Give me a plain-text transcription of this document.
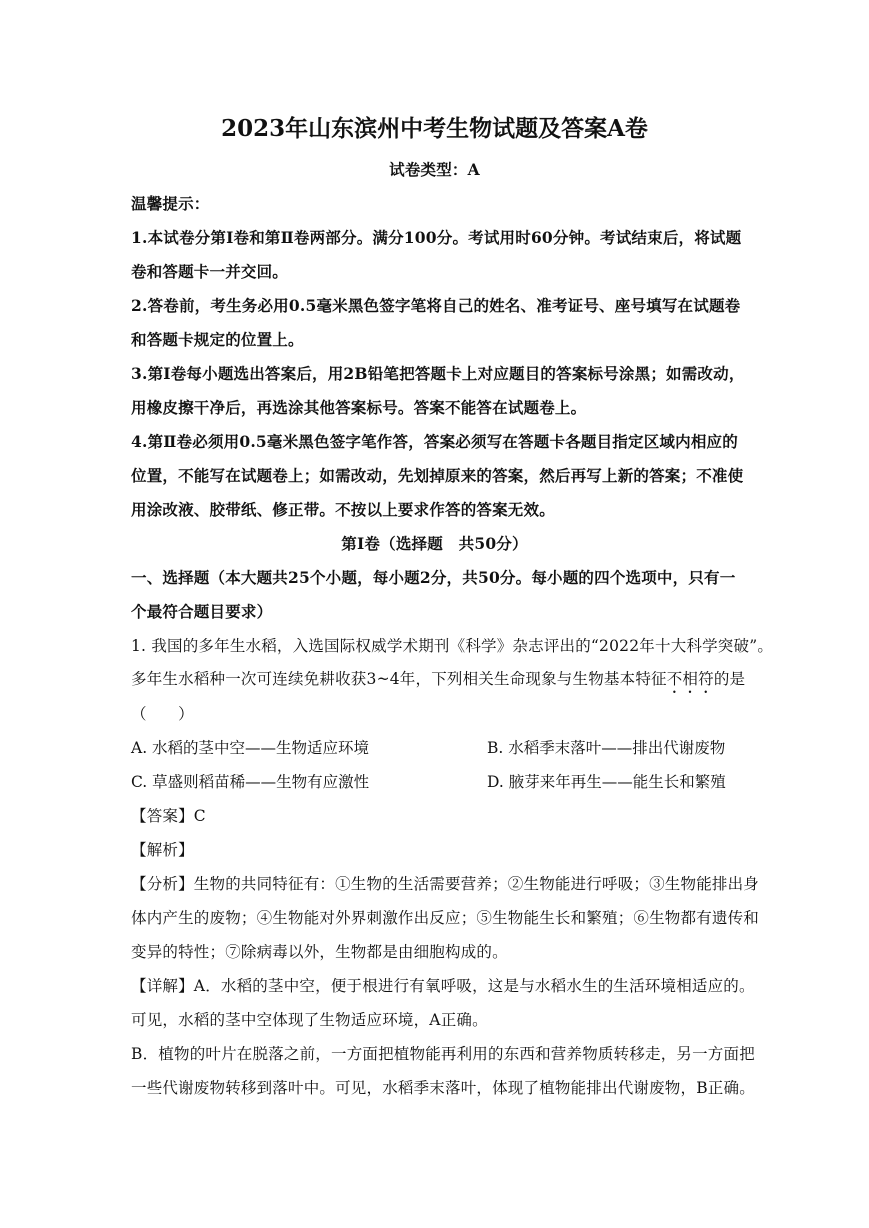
2023年山东滨州中考生物试题及答案A卷
试卷类型：A
温馨提示：
1.本试卷分第Ⅰ卷和第Ⅱ卷两部分。满分100分。考试用时60分钟。考试结束后，将试题
卷和答题卡一并交回。
2.答卷前，考生务必用0.5毫米黑色签字笔将自己的姓名、准考证号、座号填写在试题卷
和答题卡规定的位置上。
3.第Ⅰ卷每小题选出答案后，用2B铅笔把答题卡上对应题目的答案标号涂黑；如需改动，
用橡皮擦干净后，再选涂其他答案标号。答案不能答在试题卷上。
4.第Ⅱ卷必须用0.5毫米黑色签字笔作答，答案必须写在答题卡各题目指定区域内相应的
位置，不能写在试题卷上；如需改动，先划掉原来的答案，然后再写上新的答案；不准使
用涂改液、胶带纸、修正带。不按以上要求作答的答案无效。
第Ⅰ卷（选择题　共50分）
一、选择题（本大题共25个小题，每小题2分，共50分。每小题的四个选项中，只有一
个最符合题目要求）
1. 我国的多年生水稻，入选国际权威学术期刊《科学》杂志评出的“2022年十大科学突破”。
多年生水稻种一次可连续免耕收获3~4年，下列相关生命现象与生物基本特征不相符的是
（　　）
A. 水稻的茎中空——生物适应环境	B. 水稻季末落叶——排出代谢废物
C. 草盛则稻苗稀——生物有应激性	D. 腋芽来年再生——能生长和繁殖
【答案】C
【解析】
【分析】生物的共同特征有：①生物的生活需要营养；②生物能进行呼吸；③生物能排出身
体内产生的废物；④生物能对外界刺激作出反应；⑤生物能生长和繁殖；⑥生物都有遗传和
变异的特性；⑦除病毒以外，生物都是由细胞构成的。
【详解】A．水稻的茎中空，便于根进行有氧呼吸，这是与水稻水生的生活环境相适应的。
可见，水稻的茎中空体现了生物适应环境，A正确。
B．植物的叶片在脱落之前，一方面把植物能再利用的东西和营养物质转移走，另一方面把
一些代谢废物转移到落叶中。可见，水稻季末落叶，体现了植物能排出代谢废物，B正确。
